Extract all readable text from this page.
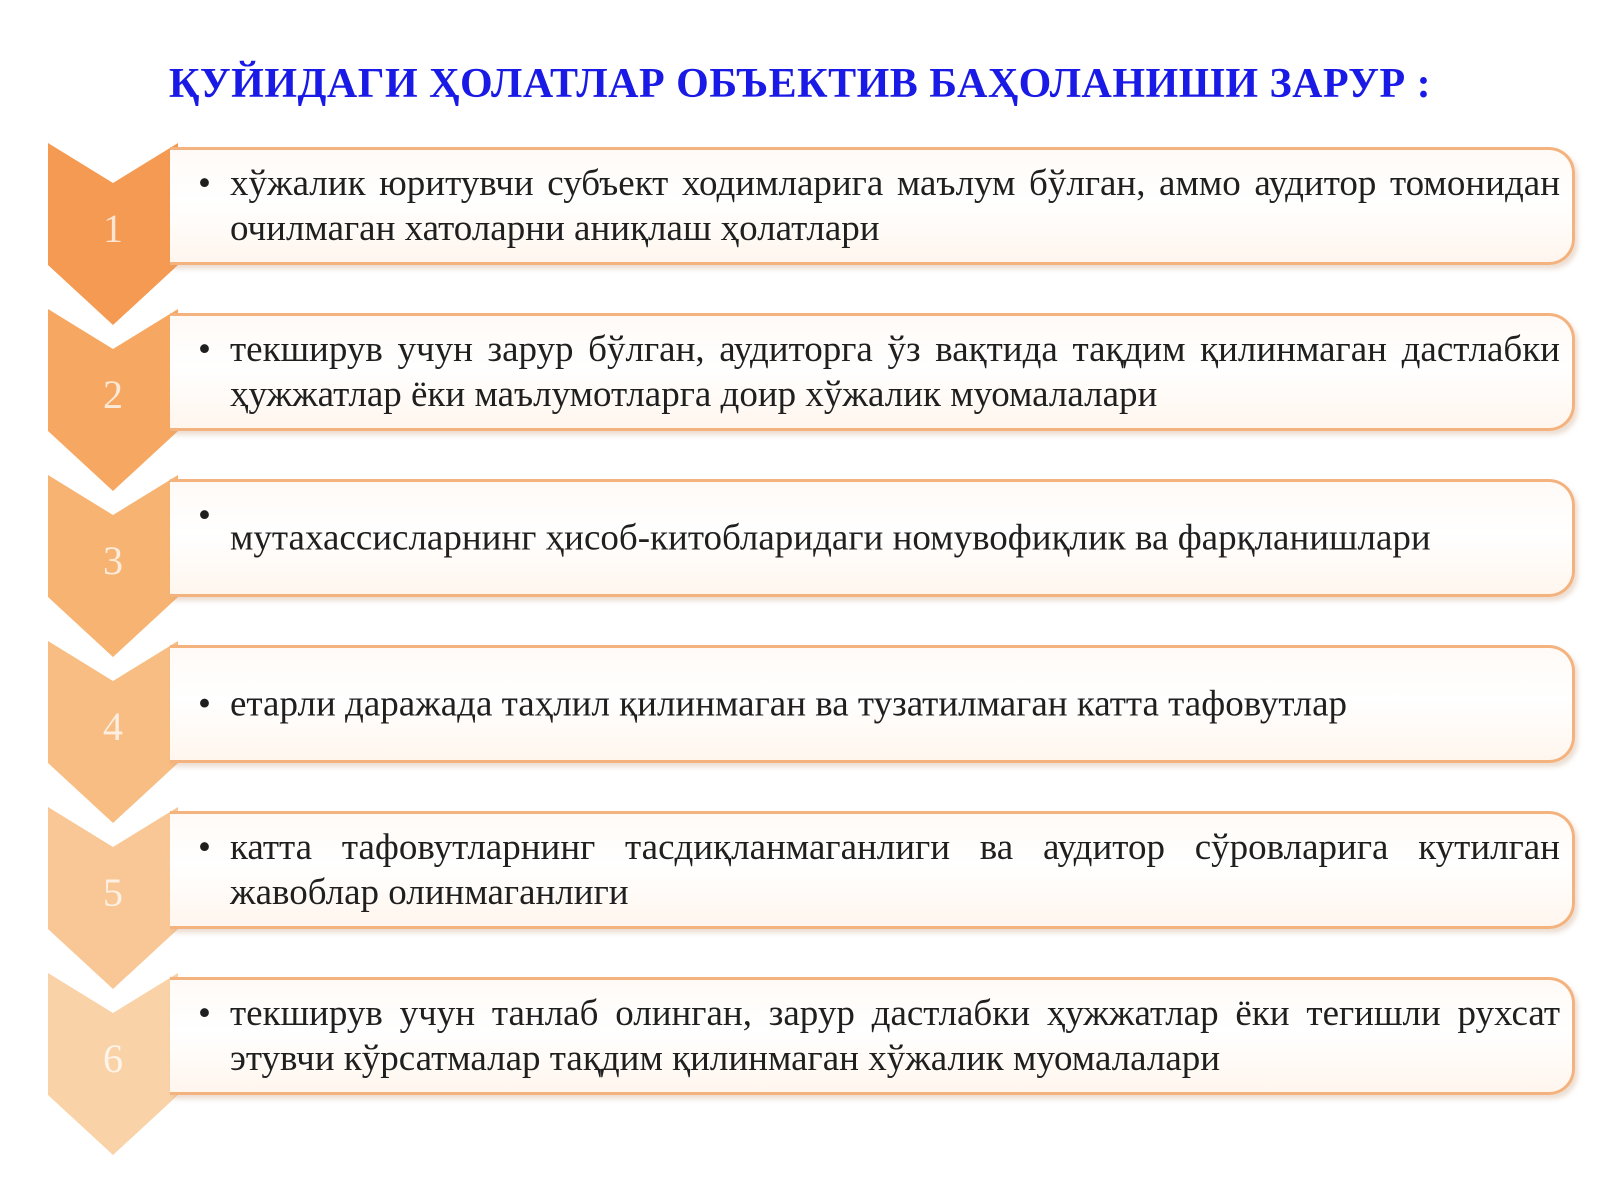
ҚУЙИДАГИ ҲОЛАТЛАР ОБЪЕКТИВ БАҲОЛАНИШИ ЗАРУР :
1
2
3
4
5
6
• хўжалик юритувчи субъект ходимларига маълум бўлган, аммо аудитор томонидан очилмаган хатоларни аниқлаш ҳолатлари
• текширув учун зарур бўлган, аудиторга ўз вақтида тақдим қилинмаган дастлабки ҳужжатлар ёки маълумотларга доир хўжалик муомалалари
•
мутахассисларнинг ҳисоб-китобларидаги номувофиқлик ва фарқланишлари
• етарли даражада таҳлил қилинмаган ва тузатилмаган катта тафовутлар
• катта тафовутларнинг тасдиқланмаганлиги ва аудитор сўровларига кутилган жавоблар олинмаганлиги
• текширув учун танлаб олинган, зарур дастлабки ҳужжатлар ёки тегишли рухсат этувчи кўрсатмалар тақдим қилинмаган хўжалик муомалалари
